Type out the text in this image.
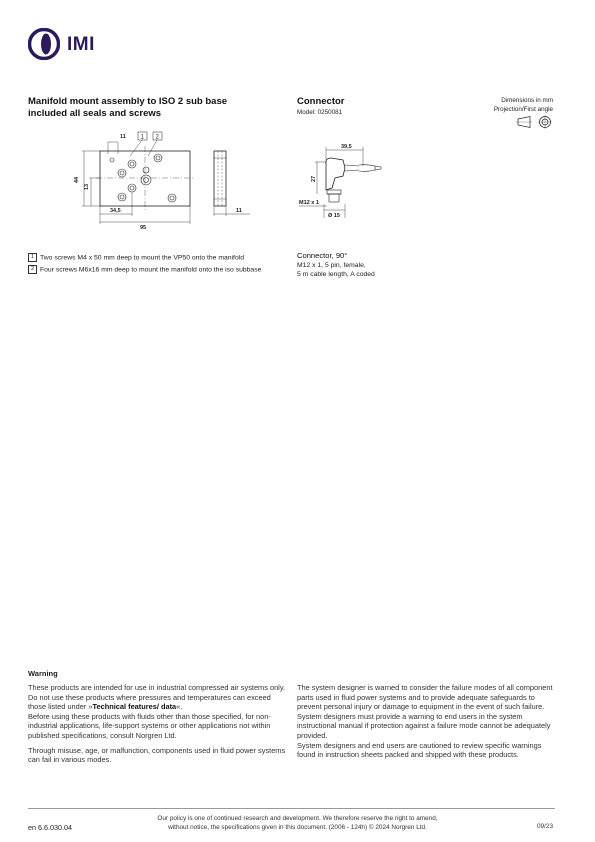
IMI
Manifold mount assembly to ISO 2 sub base
included all seals and screws
11 1 2
44
13
34,5
95
11
1 Two screws M4 x 50 mm deep to mount the VP50 onto the manifold
2 Four screws M6x16 mm deep to mount the manifold onto the iso subbase
Connector
Model: 0250081
Dimensions in mm
Projection/First angle
39,5
27
M12 x 1
Ø 15
Connector, 90°
M12 x 1, 5 pin, female,
5 m cable length, A coded
Warning
These products are intended for use in industrial compressed air systems only. Do not use these products where pressures and temperatures can exceed those listed under »Technical features/ data«.
Before using these products with fluids other than those specified, for non-industrial applications, life-support systems or other applications not within published specifications, consult Norgren Ltd.
Through misuse, age, or malfunction, components used in fluid power systems can fail in various modes.
The system designer is warned to consider the failure modes of all component parts used in fluid power systems and to provide adequate safeguards to prevent personal injury or damage to equipment in the event of such failure.
System designers must provide a warning to end users in the system instructional manual if protection against a failure mode cannot be adequately provided.
System designers and end users are cautioned to review specific warnings found in instruction sheets packed and shipped with these products.
en 6.6.030.04
Our policy is one of continued research and development. We therefore reserve the right to amend,
without notice, the specifications given in this document. (2006 - 124h) © 2024 Norgren Ltd.	09/23
